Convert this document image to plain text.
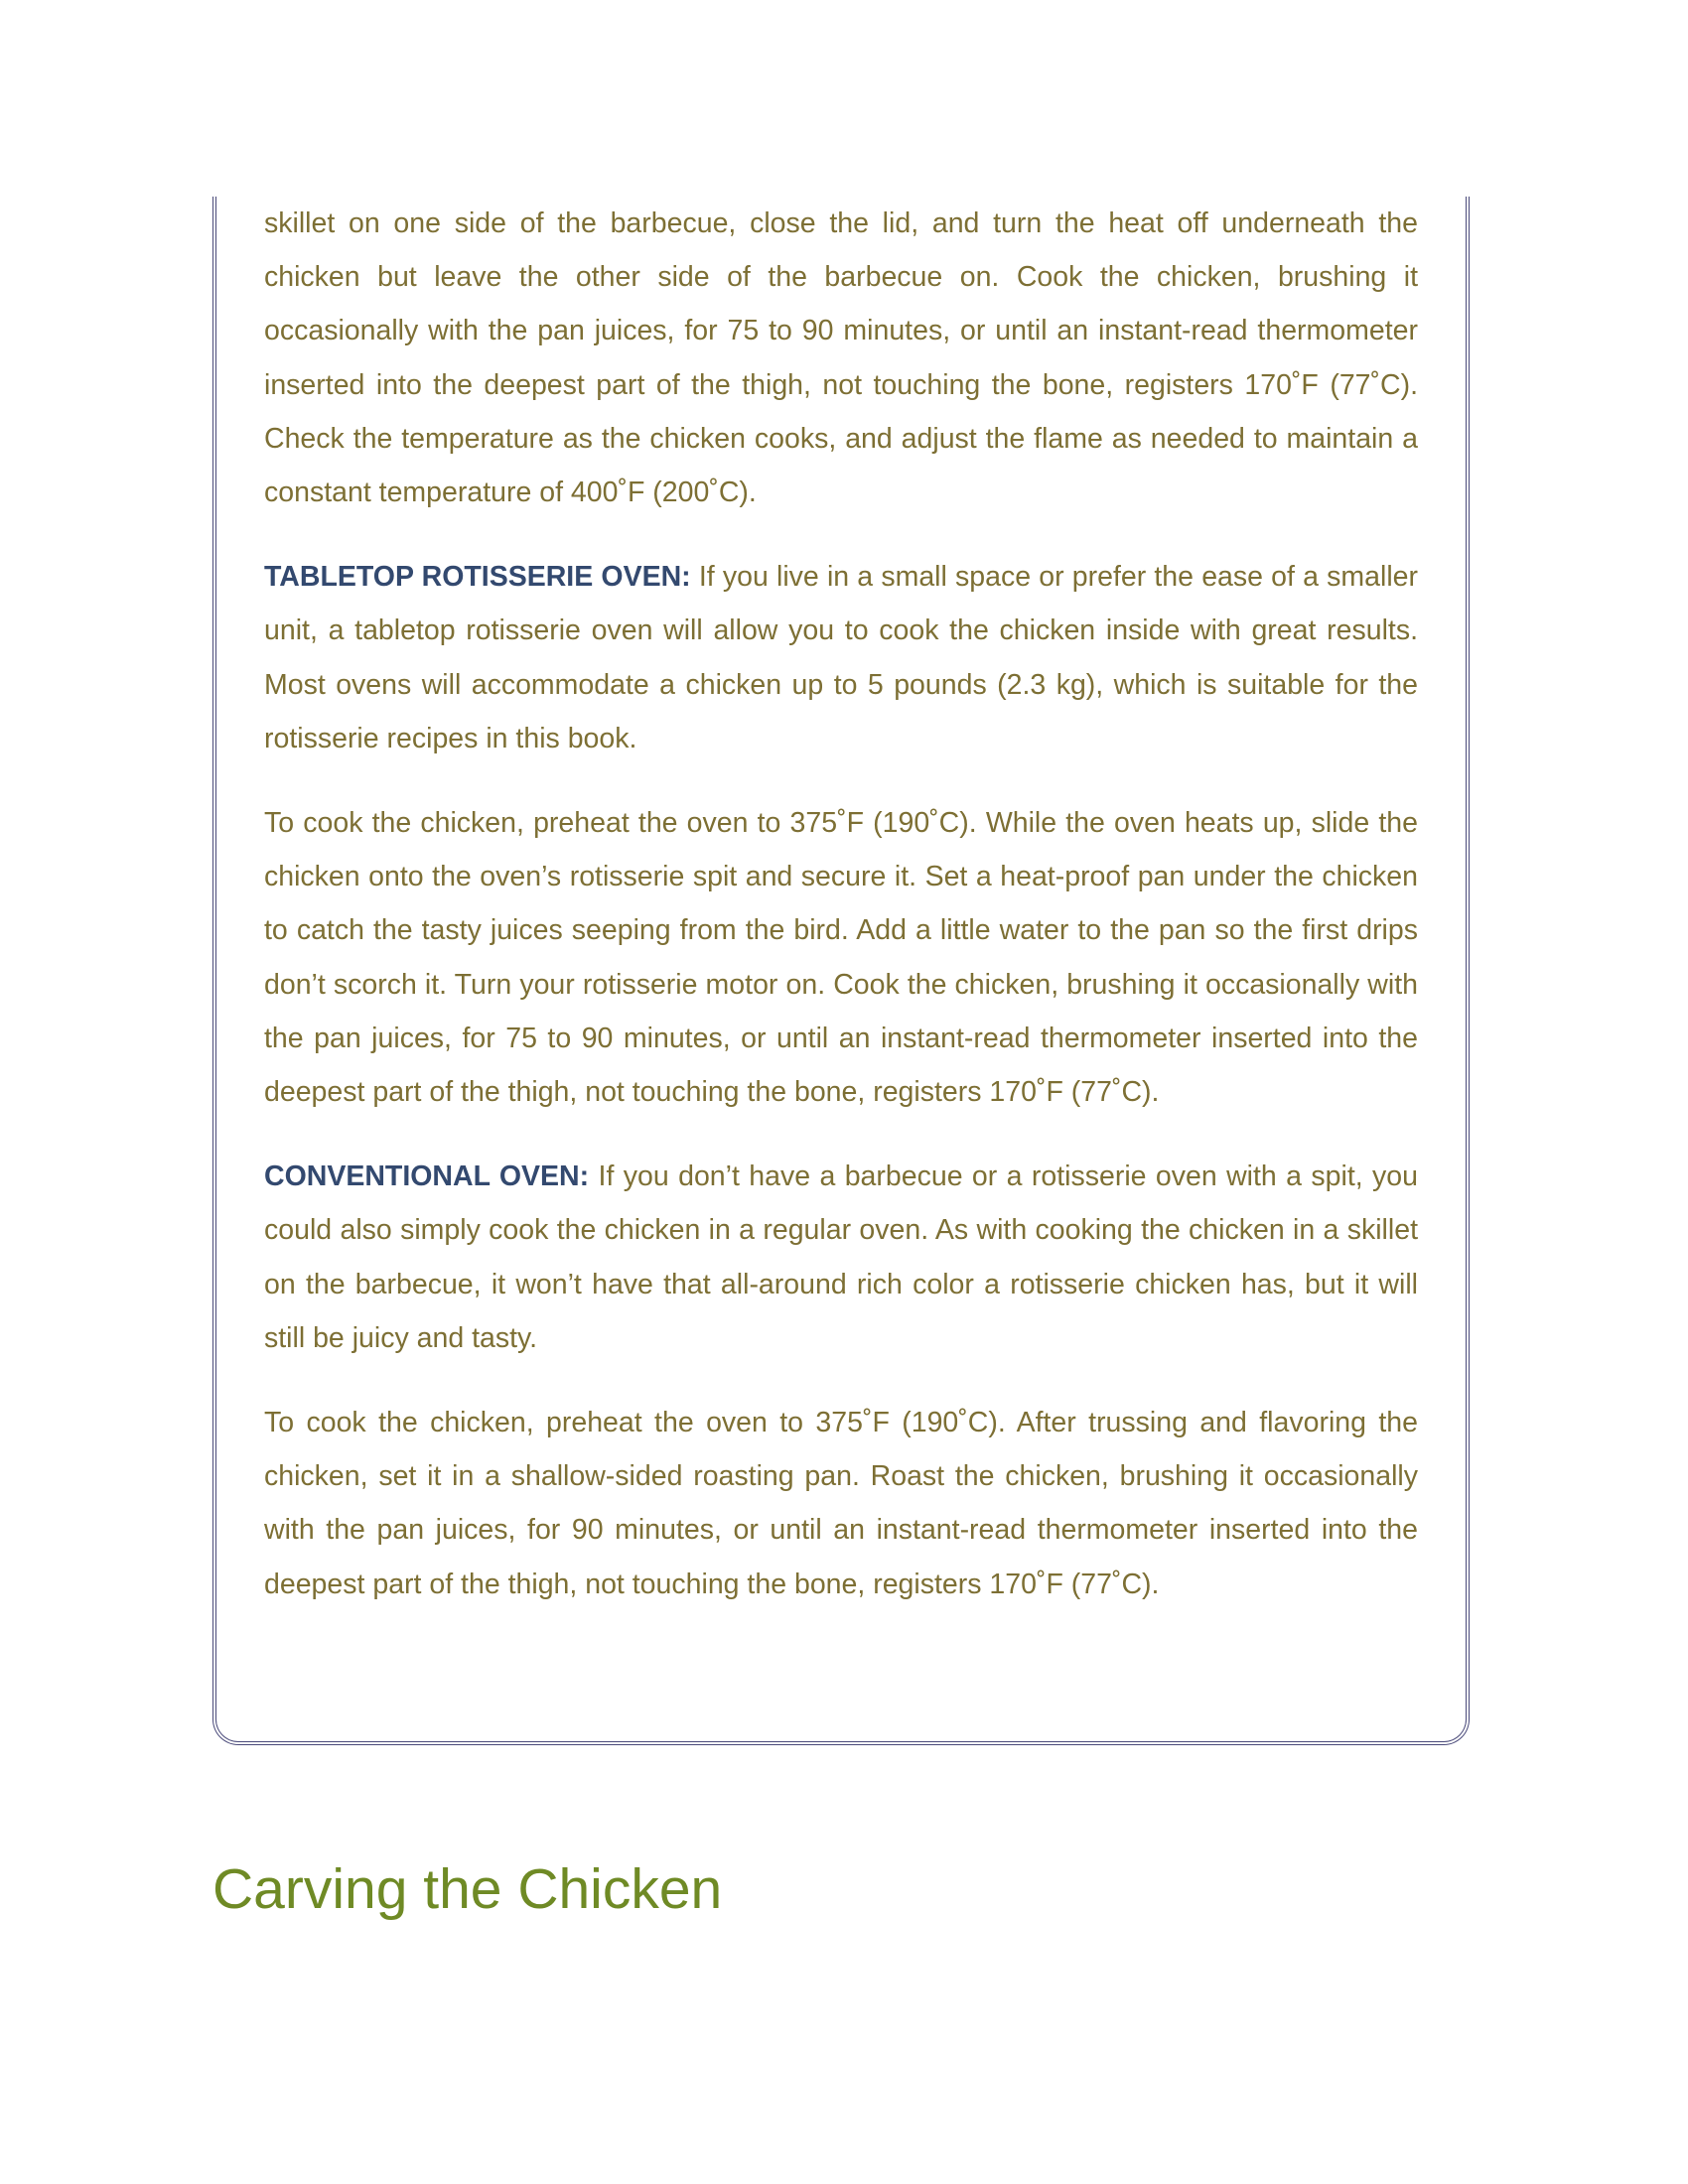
skillet on one side of the barbecue, close the lid, and turn the heat off underneath the chicken but leave the other side of the barbecue on. Cook the chicken, brushing it occasionally with the pan juices, for 75 to 90 minutes, or until an instant-read thermometer inserted into the deepest part of the thigh, not touching the bone, registers 170˚F (77˚C). Check the temperature as the chicken cooks, and adjust the flame as needed to maintain a constant temperature of 400˚F (200˚C).

TABLETOP ROTISSERIE OVEN: If you live in a small space or prefer the ease of a smaller unit, a tabletop rotisserie oven will allow you to cook the chicken inside with great results. Most ovens will accommodate a chicken up to 5 pounds (2.3 kg), which is suitable for the rotisserie recipes in this book.

To cook the chicken, preheat the oven to 375˚F (190˚C). While the oven heats up, slide the chicken onto the oven’s rotisserie spit and secure it. Set a heat-proof pan under the chicken to catch the tasty juices seeping from the bird. Add a little water to the pan so the first drips don’t scorch it. Turn your rotisserie motor on. Cook the chicken, brushing it occasionally with the pan juices, for 75 to 90 minutes, or until an instant-read thermometer inserted into the deepest part of the thigh, not touching the bone, registers 170˚F (77˚C).

CONVENTIONAL OVEN: If you don’t have a barbecue or a rotisserie oven with a spit, you could also simply cook the chicken in a regular oven. As with cooking the chicken in a skillet on the barbecue, it won’t have that all-around rich color a rotisserie chicken has, but it will still be juicy and tasty.

To cook the chicken, preheat the oven to 375˚F (190˚C). After trussing and flavoring the chicken, set it in a shallow-sided roasting pan. Roast the chicken, brushing it occasionally with the pan juices, for 90 minutes, or until an instant-read thermometer inserted into the deepest part of the thigh, not touching the bone, registers 170˚F (77˚C).

Carving the Chicken
